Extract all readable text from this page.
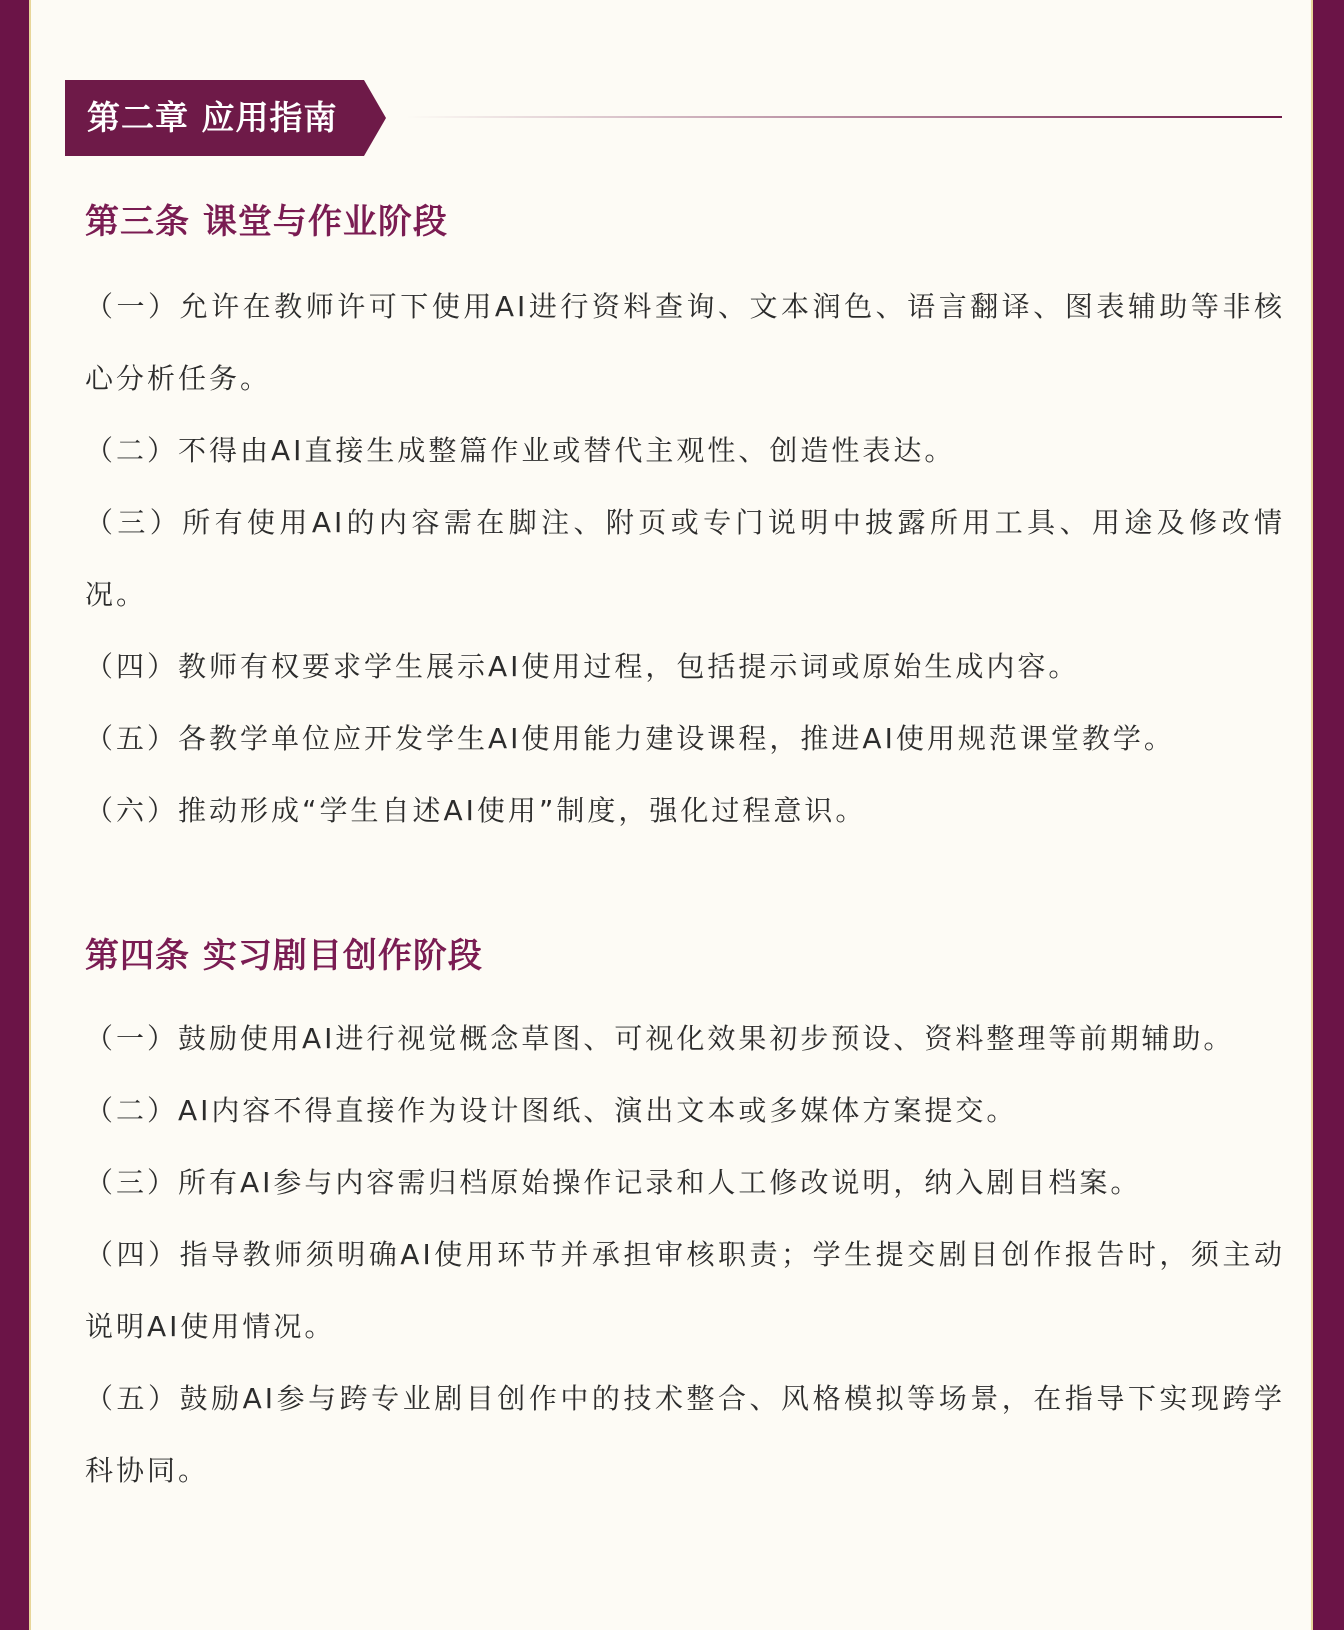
第二章 应用指南
第三条 课堂与作业阶段
（一）允许在教师许可下使用AI进行资料查询、文本润色、语言翻译、图表辅助等非核心分析任务。
（二）不得由AI直接生成整篇作业或替代主观性、创造性表达。
（三）所有使用AI的内容需在脚注、附页或专门说明中披露所用工具、用途及修改情况。
（四）教师有权要求学生展示AI使用过程，包括提示词或原始生成内容。
（五）各教学单位应开发学生AI使用能力建设课程，推进AI使用规范课堂教学。
（六）推动形成“学生自述AI使用”制度，强化过程意识。
第四条 实习剧目创作阶段
（一）鼓励使用AI进行视觉概念草图、可视化效果初步预设、资料整理等前期辅助。
（二）AI内容不得直接作为设计图纸、演出文本或多媒体方案提交。
（三）所有AI参与内容需归档原始操作记录和人工修改说明，纳入剧目档案。
（四）指导教师须明确AI使用环节并承担审核职责；学生提交剧目创作报告时，须主动说明AI使用情况。
（五）鼓励AI参与跨专业剧目创作中的技术整合、风格模拟等场景，在指导下实现跨学科协同。
